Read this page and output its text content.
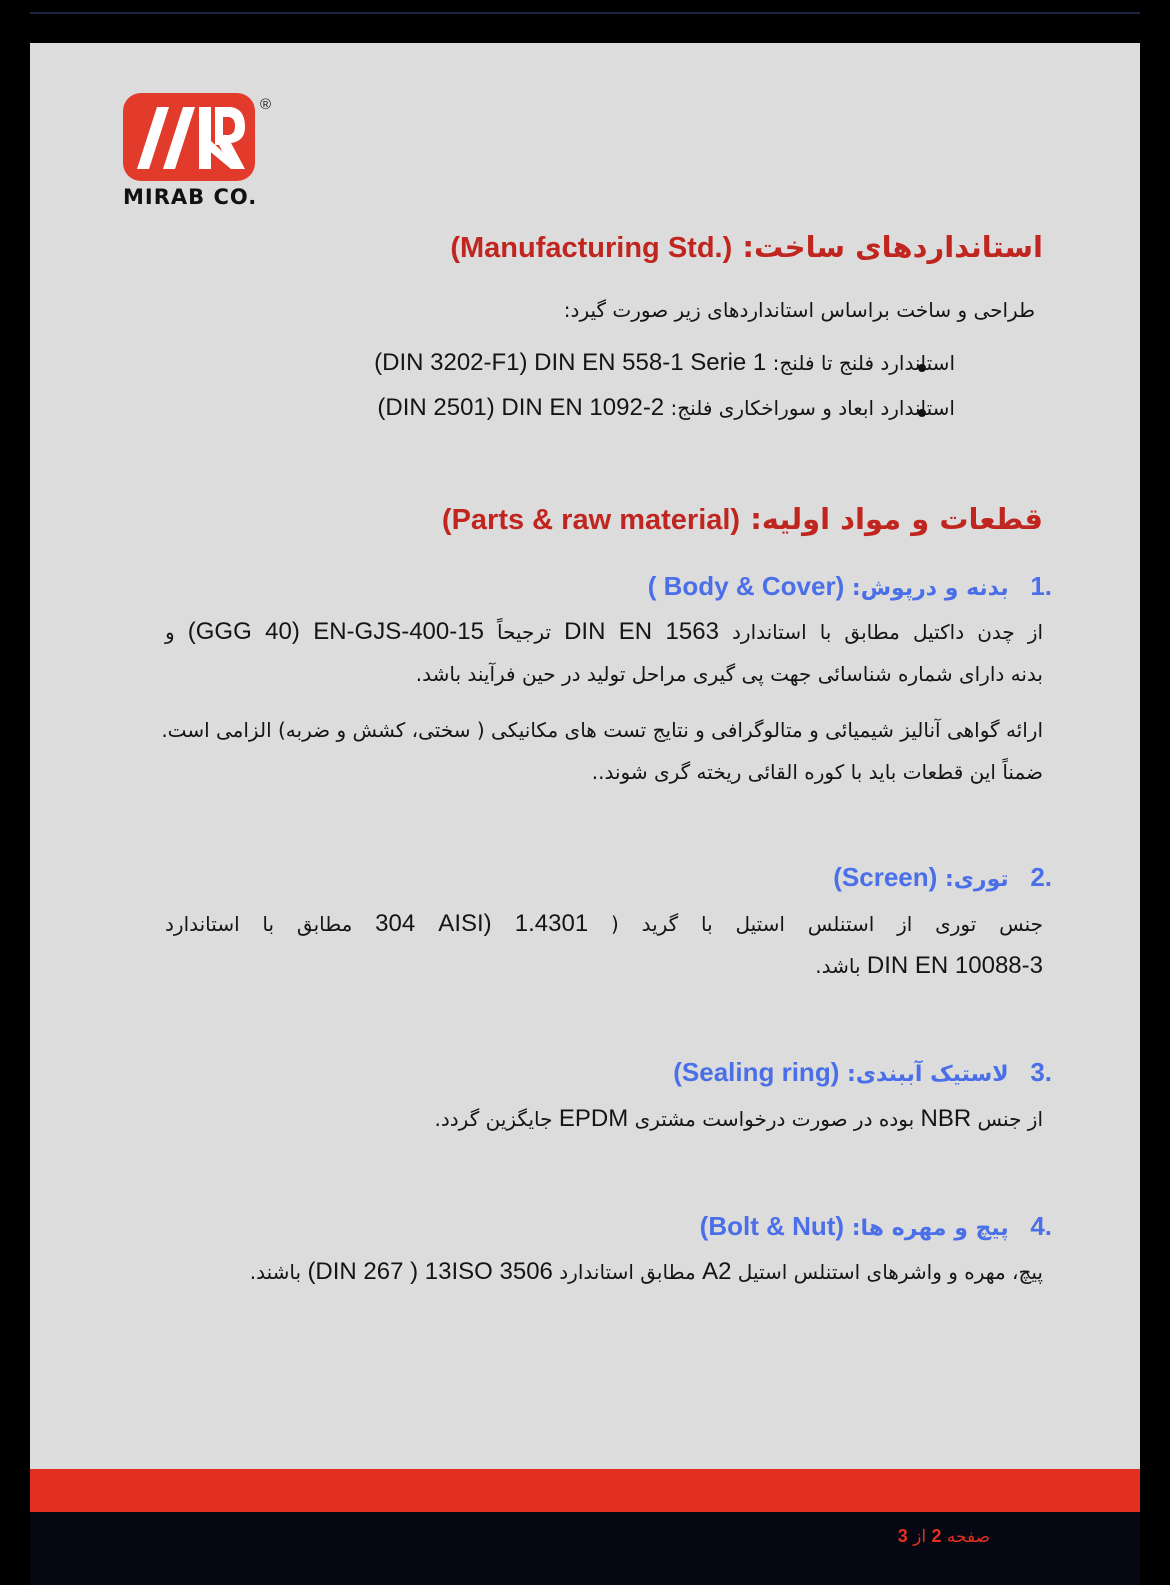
®
MIRAB CO.
استانداردهای ساخت: (Manufacturing Std.)
طراحی و ساخت براساس استانداردهای زیر صورت گیرد:
استاندارد فلنج تا فلنج: (DIN 3202-F1) DIN EN 558-1 Serie 1
استاندارد ابعاد و سوراخکاری فلنج: (DIN 2501) DIN EN 1092-2
قطعات و مواد اولیه: (Parts & raw material)
1. بدنه و درپوش: ( Body & Cover)
از چدن داکتیل مطابق با استاندارد DIN EN 1563 ترجیحاً (GGG 40) EN-GJS-400-15 و
بدنه دارای شماره شناسائی جهت پی گیری مراحل تولید در حین فرآیند باشد.
ارائه گواهی آنالیز شیمیائی و متالوگرافی و نتایج تست های مکانیکی ( سختی، کشش و ضربه) الزامی است.
ضمناً این قطعات باید با کوره القائی ریخته گری شوند..
2. توری: (Screen)
جنس توری از استنلس استیل با گرید ( 304 AISI) 1.4301 مطابق با استاندارد
DIN EN 10088-3 باشد.
3. لاستیک آببندی: (Sealing ring)
از جنس NBR بوده در صورت درخواست مشتری EPDM جایگزین گردد.
4. پیچ و مهره ها: (Bolt & Nut)
پیچ، مهره و واشرهای استنلس استیل A2 مطابق استاندارد (DIN 267 ) 13ISO 3506 باشند.
صفحه 2 از 3
